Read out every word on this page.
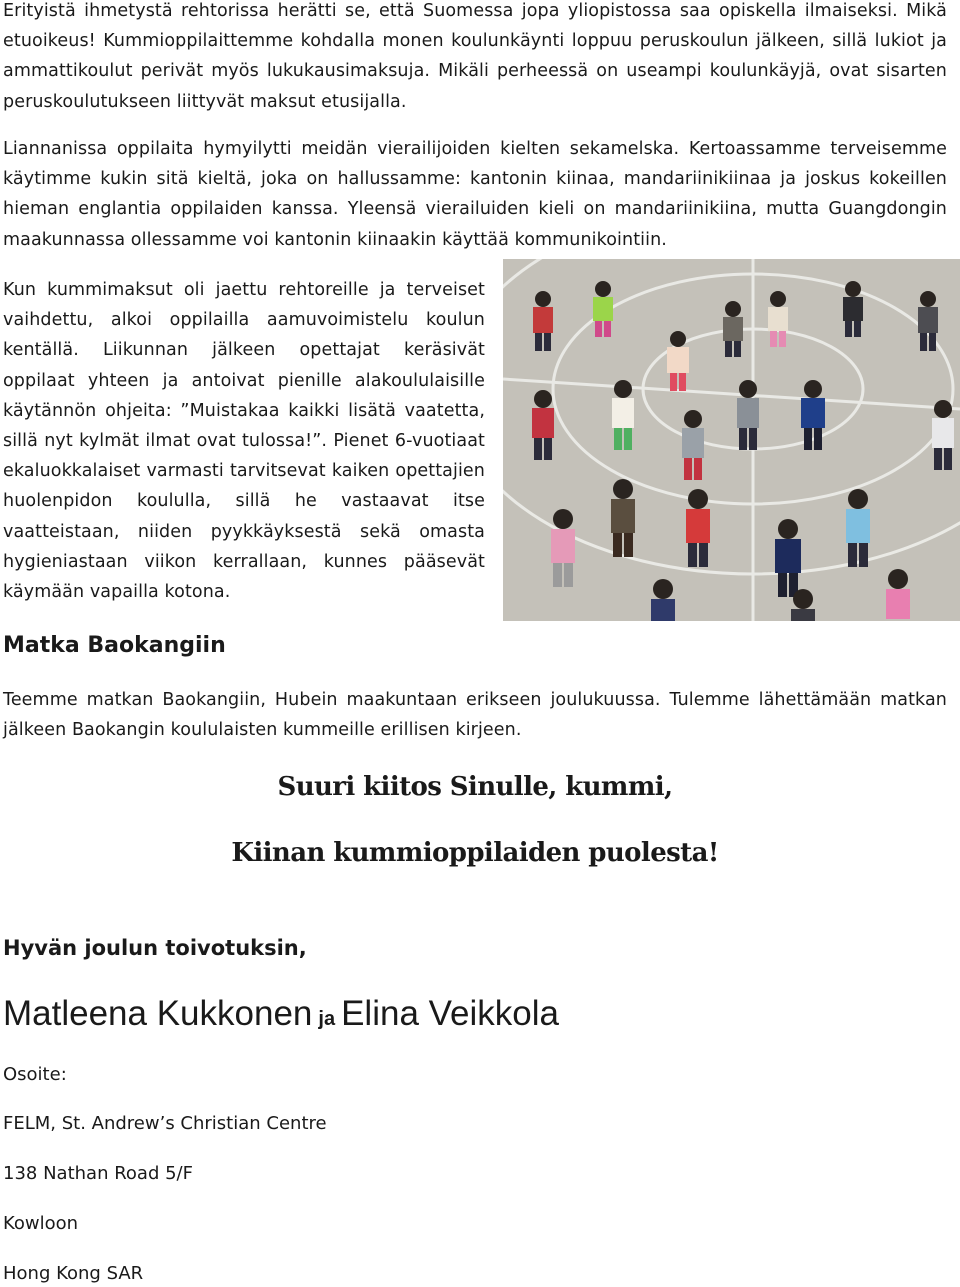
Erityistä ihmetystä rehtorissa herätti se, että Suomessa jopa yliopistossa saa opiskella ilmaiseksi. Mikä etuoikeus! Kummioppilaittemme kohdalla monen koulunkäynti loppuu peruskoulun jälkeen, sillä lukiot ja ammattikoulut perivät myös lukukausimaksuja. Mikäli perheessä on useampi koulunkäyjä, ovat sisarten peruskoulutukseen liittyvät maksut etusijalla.

Liannanissa oppilaita hymyilytti meidän vierailijoiden kielten sekamelska. Kertoassamme terveisemme käytimme kukin sitä kieltä, joka on hallussamme: kantonin kiinaa, mandariinikiinaa ja joskus kokeillen hieman englantia oppilaiden kanssa. Yleensä vierailuiden kieli on mandariinikiina, mutta Guangdongin maakunnassa ollessamme voi kantonin kiinaakin käyttää kommunikointiin.

Kun kummimaksut oli jaettu rehtoreille ja terveiset vaihdettu, alkoi oppilailla aamuvoimistelu koulun kentällä. Liikunnan jälkeen opettajat keräsivät oppilaat yhteen ja antoivat pienille alakoululaisille käytännön ohjeita: ”Muistakaa kaikki lisätä vaatetta, sillä nyt kylmät ilmat ovat tulossa!”. Pienet 6-vuotiaat ekaluokkalaiset varmasti tarvitsevat kaiken opettajien huolenpidon koululla, sillä he vastaavat itse vaatteistaan, niiden pyykkäyksestä sekä omasta hygieniastaan viikon kerrallaan, kunnes pääsevät käymään vapailla kotona.

Matka Baokangiin

Teemme matkan Baokangiin, Hubein maakuntaan erikseen joulukuussa. Tulemme lähettämään matkan jälkeen Baokangin koululaisten kummeille erillisen kirjeen.

Suuri kiitos Sinulle, kummi,

Kiinan kummioppilaiden puolesta!

Hyvän joulun toivotuksin,

Matleena Kukkonen ja Elina Veikkola

Osoite:

FELM, St. Andrew’s Christian Centre

138 Nathan Road 5/F

Kowloon

Hong Kong SAR
